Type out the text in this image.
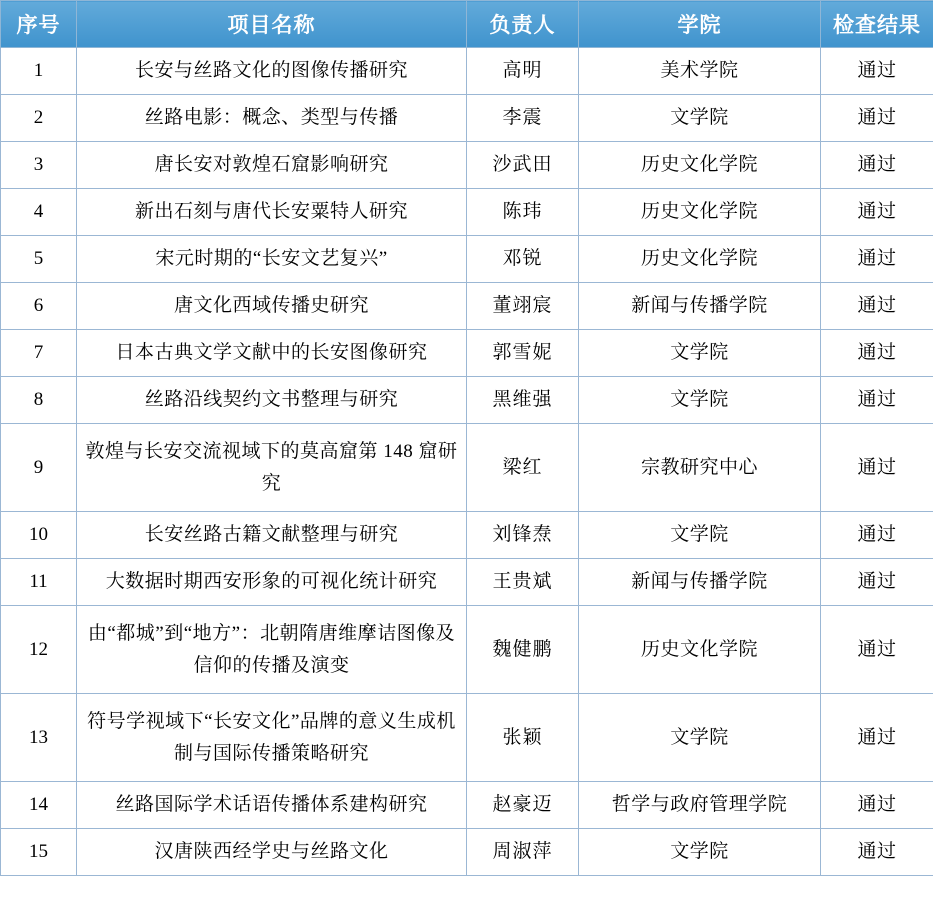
序号	项目名称	负责人	学院	检查结果
1	长安与丝路文化的图像传播研究	高明	美术学院	通过
2	丝路电影：概念、类型与传播	李震	文学院	通过
3	唐长安对敦煌石窟影响研究	沙武田	历史文化学院	通过
4	新出石刻与唐代长安粟特人研究	陈玮	历史文化学院	通过
5	宋元时期的“长安文艺复兴”	邓锐	历史文化学院	通过
6	唐文化西域传播史研究	董翊宸	新闻与传播学院	通过
7	日本古典文学文献中的长安图像研究	郭雪妮	文学院	通过
8	丝路沿线契约文书整理与研究	黑维强	文学院	通过
9	敦煌与长安交流视域下的莫高窟第 148 窟研究	梁红	宗教研究中心	通过
10	长安丝路古籍文献整理与研究	刘锋焘	文学院	通过
11	大数据时期西安形象的可视化统计研究	王贵斌	新闻与传播学院	通过
12	由“都城”到“地方”：北朝隋唐维摩诘图像及信仰的传播及演变	魏健鹏	历史文化学院	通过
13	符号学视域下“长安文化”品牌的意义生成机制与国际传播策略研究	张颖	文学院	通过
14	丝路国际学术话语传播体系建构研究	赵豪迈	哲学与政府管理学院	通过
15	汉唐陕西经学史与丝路文化	周淑萍	文学院	通过
